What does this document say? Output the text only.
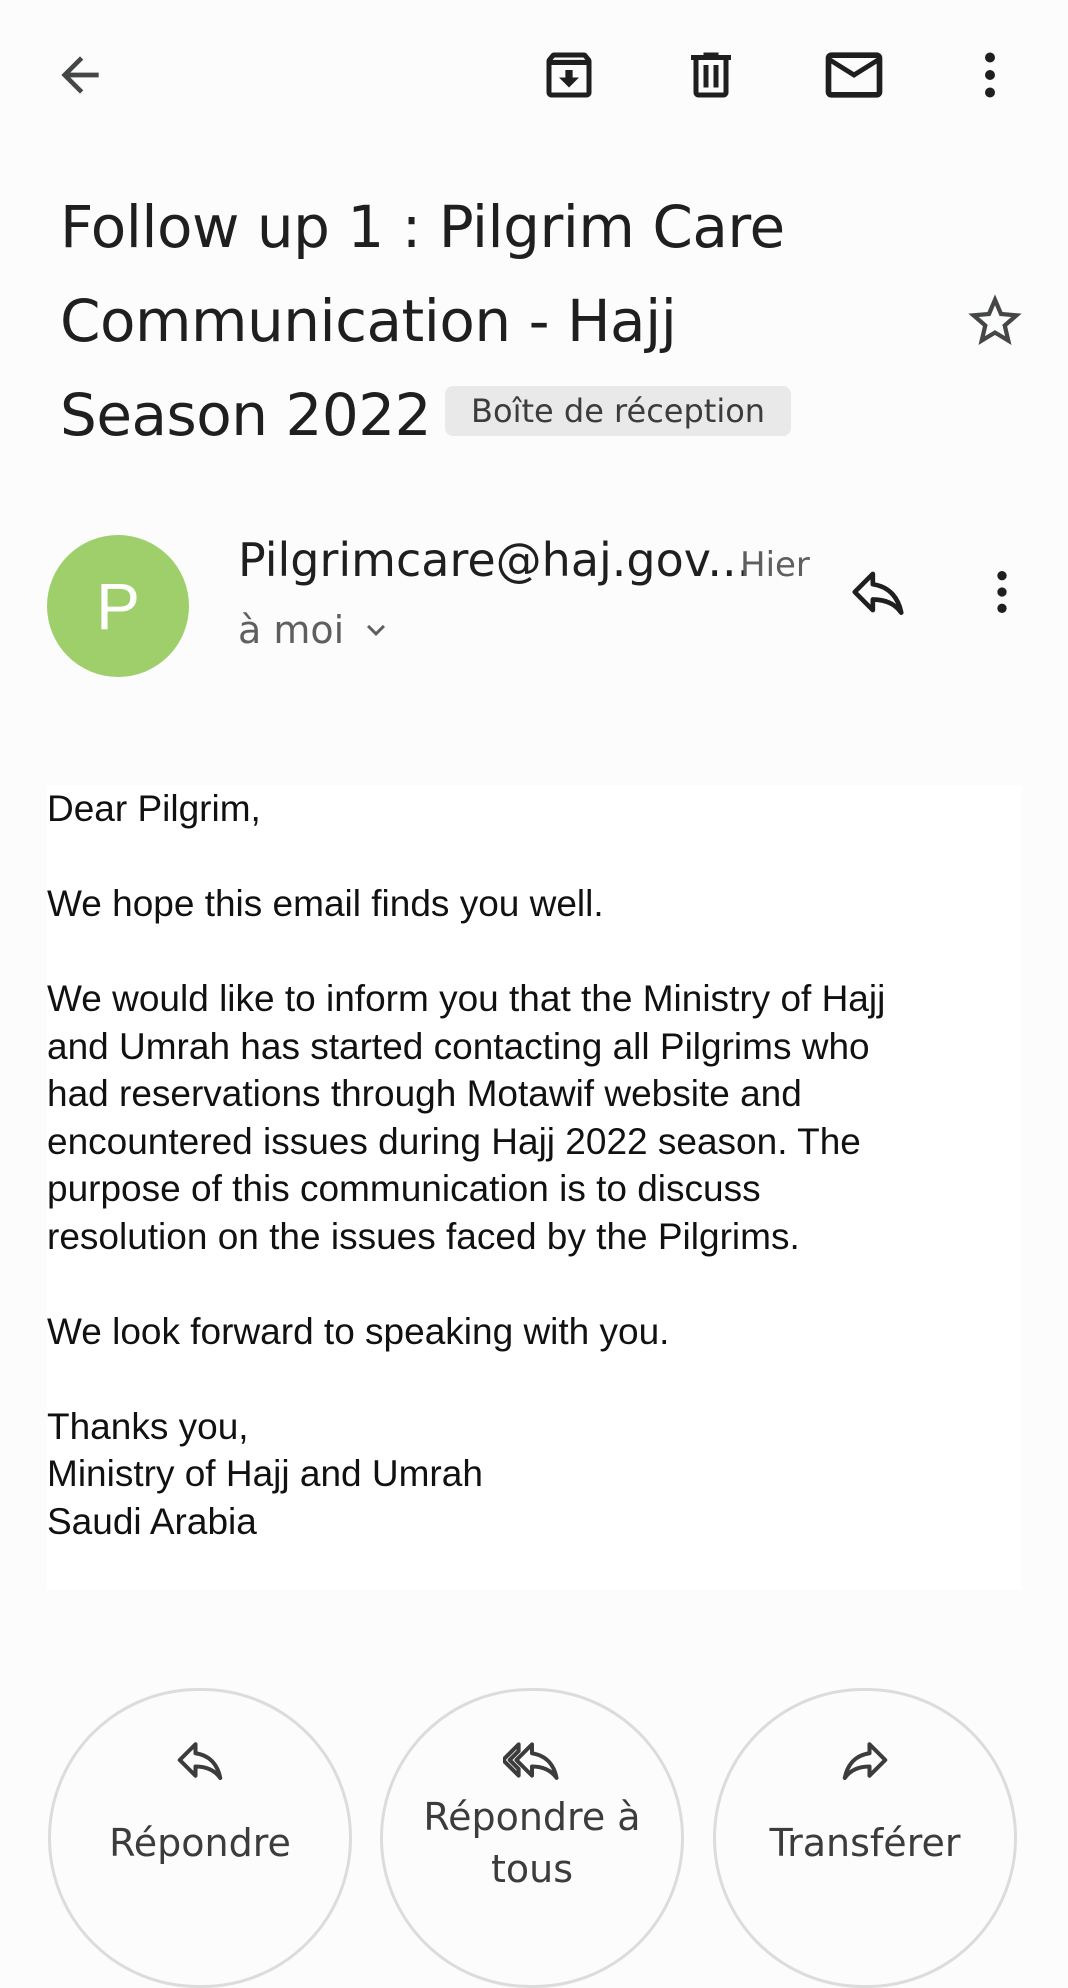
Follow up 1 : Pilgrim Care
Communication - Hajj
Season 2022 Boîte de réception
P
Pilgrimcare@haj.gov...
Hier
à moi

Dear Pilgrim,

We hope this email finds you well.

We would like to inform you that the Ministry of Hajj
and Umrah has started contacting all Pilgrims who
had reservations through Motawif website and
encountered issues during Hajj 2022 season. The
purpose of this communication is to discuss
resolution on the issues faced by the Pilgrims.

We look forward to speaking with you.

Thanks you,

Ministry of Hajj and Umrah

Saudi Arabia

Répondre
Répondre à
tous
Transférer
